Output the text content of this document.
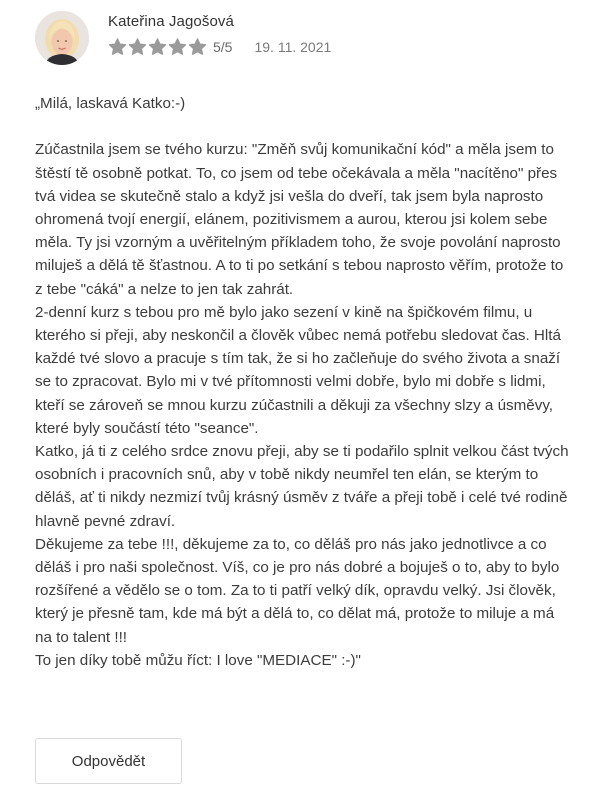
Kateřina Jagošová
5/5 19. 11. 2021

„Milá, laskavá Katko:-)

Zúčastnila jsem se tvého kurzu: "Změň svůj komunikační kód" a měla jsem to štěstí tě osobně potkat. To, co jsem od tebe očekávala a měla "nacítěno" přes tvá videa se skutečně stalo a když jsi vešla do dveří, tak jsem byla naprosto ohromená tvojí energií, elánem, pozitivismem a aurou, kterou jsi kolem sebe měla. Ty jsi vzorným a uvěřitelným příkladem toho, že svoje povolání naprosto miluješ a dělá tě šťastnou. A to ti po setkání s tebou naprosto věřím, protože to z tebe "cáká" a nelze to jen tak zahrát.
2-denní kurz s tebou pro mě bylo jako sezení v kině na špičkovém filmu, u kterého si přeji, aby neskončil a člověk vůbec nemá potřebu sledovat čas. Hltá každé tvé slovo a pracuje s tím tak, že si ho začleňuje do svého života a snaží se to zpracovat. Bylo mi v tvé přítomnosti velmi dobře, bylo mi dobře s lidmi, kteří se zároveň se mnou kurzu zúčastnili a děkuji za všechny slzy a úsměvy, které byly součástí této "seance".
Katko, já ti z celého srdce znovu přeji, aby se ti podařilo splnit velkou část tvých osobních i pracovních snů, aby v tobě nikdy neumřel ten elán, se kterým to děláš, ať ti nikdy nezmizí tvůj krásný úsměv z tváře a přeji tobě i celé tvé rodině hlavně pevné zdraví.
Děkujeme za tebe !!!, děkujeme za to, co děláš pro nás jako jednotlivce a co děláš i pro naši společnost. Víš, co je pro nás dobré a bojuješ o to, aby to bylo rozšířené a vědělo se o tom. Za to ti patří velký dík, opravdu velký. Jsi člověk, který je přesně tam, kde má být a dělá to, co dělat má, protože to miluje a má na to talent !!!
To jen díky tobě můžu říct: I love "MEDIACE" :-)"

Odpovědět
